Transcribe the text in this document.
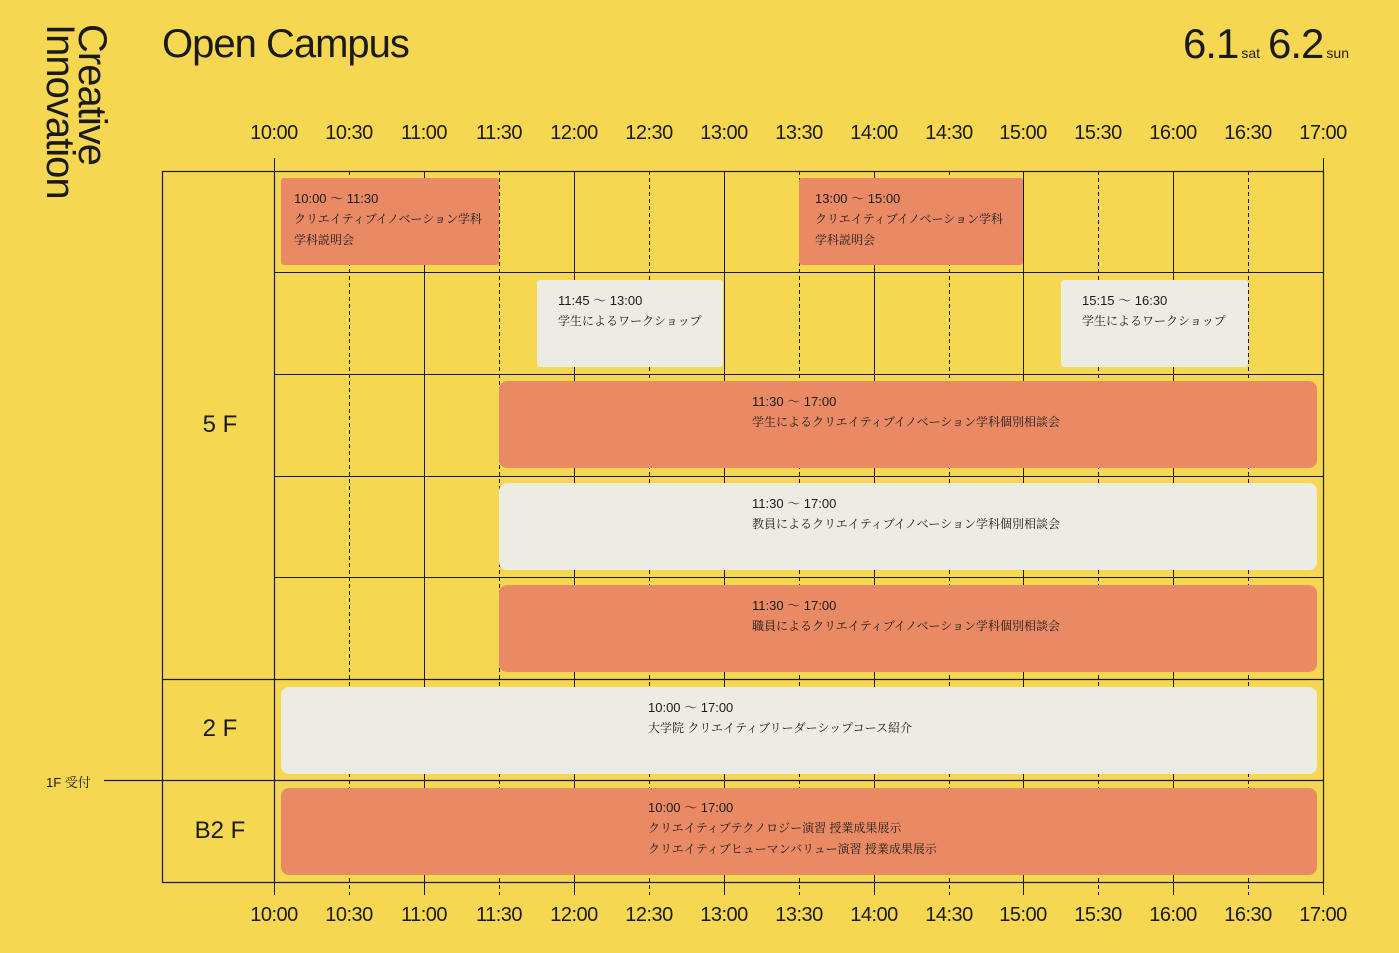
Creative
Innovation Open Campus	6.1 sat 6.2 sun
10:00 10:30 11:00 11:30 12:00 12:30 13:00 13:30 14:00 14:30 15:00 15:30 16:00 16:30 17:00
10:00 10:30 11:00 11:30 12:00 12:30 13:00 13:30 14:00 14:30 15:00 15:30 16:00 16:30 17:00
5 F
2 F
B2 F
1F 受付
10:00 ～ 11:30
クリエイティブイノベーション学科
学科説明会
13:00 ～ 15:00
クリエイティブイノベーション学科
学科説明会
11:45 ～ 13:00
学生によるワークショップ
15:15 ～ 16:30
学生によるワークショップ
11:30 ～ 17:00
学生によるクリエイティブイノベーション学科個別相談会
11:30 ～ 17:00
教員によるクリエイティブイノベーション学科個別相談会
11:30 ～ 17:00
職員によるクリエイティブイノベーション学科個別相談会
10:00 ～ 17:00
大学院 クリエイティブリーダーシップコース紹介
10:00 ～ 17:00
クリエイティブテクノロジー演習 授業成果展示
クリエイティブヒューマンバリュー演習 授業成果展示
